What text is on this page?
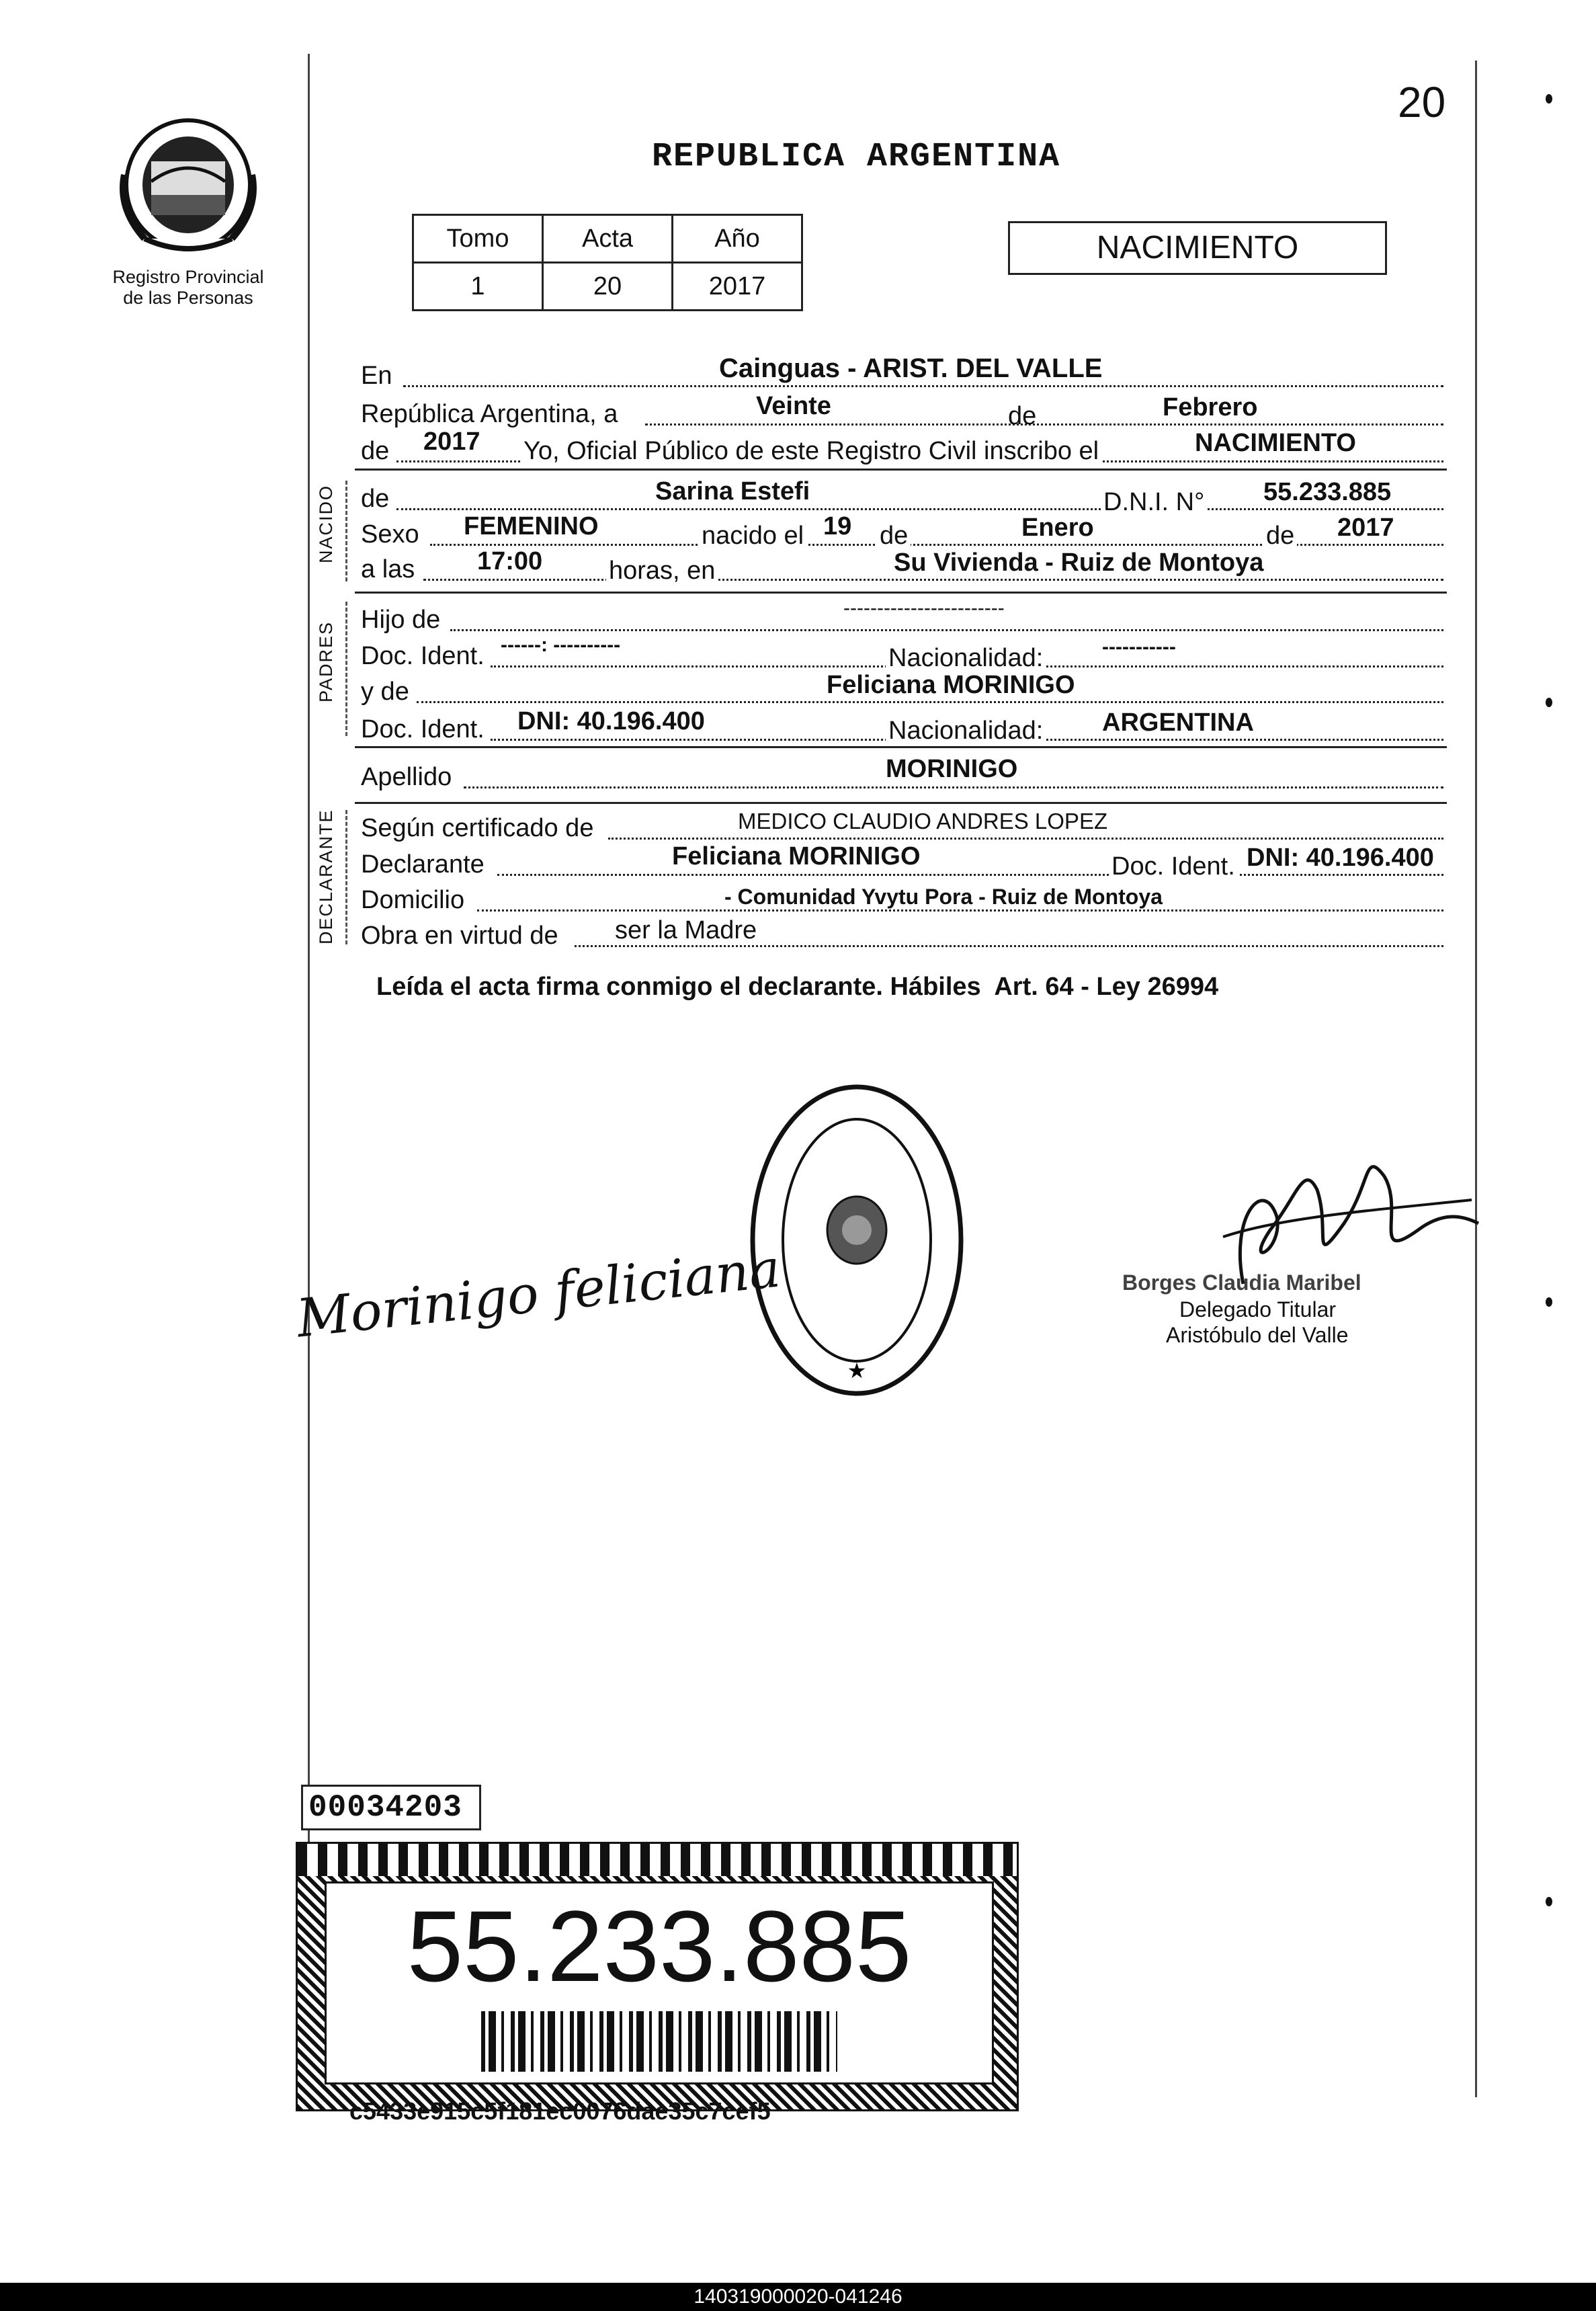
20
Registro Provincial
de las Personas
REPUBLICA ARGENTINA
Tomo	Acta	Año
1	20	2017
NACIMIENTO
En	Cainguas - ARIST. DEL VALLE
República Argentina, a	Veinte	de	Febrero
de 2017 Yo, Oficial Público de este Registro Civil inscribo el	NACIMIENTO
NACIDO de	Sarina Estefi	D.N.I. N° 55.233.885
Sexo FEMENINO	nacido el 19 de	Enero	de 2017
a las 17:00	horas, en	Su Vivienda - Ruiz de Montoya
PADRES
Hijo de	------------------------
Doc. Ident. ------: ----------	Nacionalidad:	-----------
y de	Feliciana MORINIGO
Doc. Ident. DNI: 40.196.400	Nacionalidad: ARGENTINA
Apellido	MORINIGO
DECLARANTE Según certificado de	MEDICO CLAUDIO ANDRES LOPEZ
Declarante	Feliciana MORINIGO	Doc. Ident. DNI: 40.196.400
Domicilio	- Comunidad Yvytu Pora - Ruiz de Montoya
Obra en virtud de ser la Madre
Leída el acta firma conmigo el declarante. Hábiles  Art. 64 - Ley 26994
Morinigo feliciana
★
Borges Claudia Maribel
Delegado Titular
Aristóbulo del Valle
00034203
55.233.885
c5433e915c5f181ec0076dae35c7cef5
140319000020-041246
